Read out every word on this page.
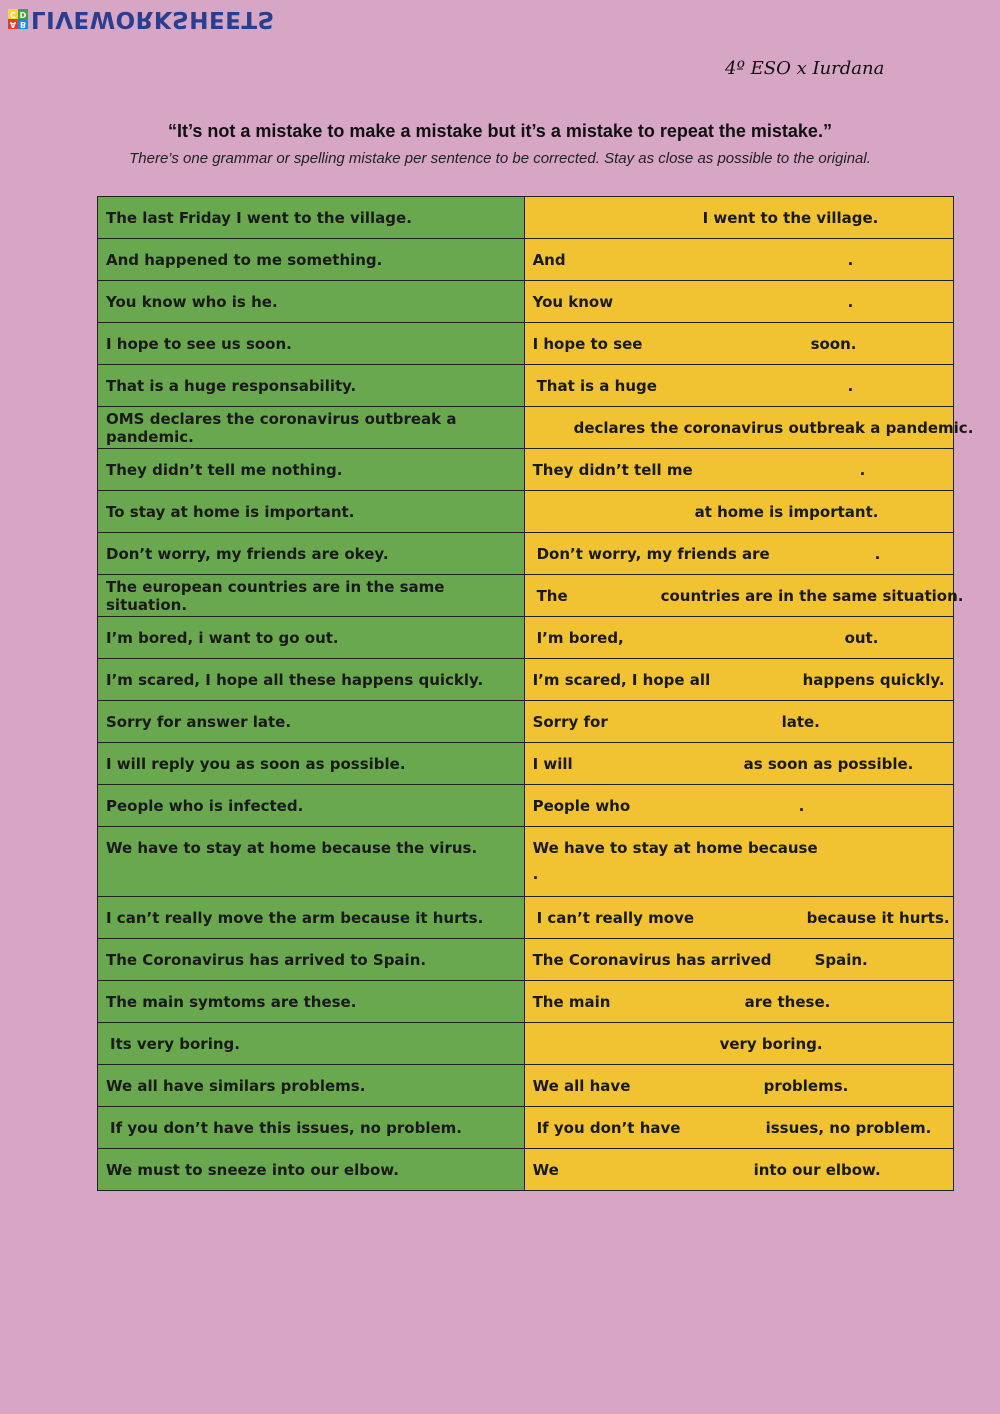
A B
C D LIVEWORKSHEETS
4º ESO x Iurdana
“It’s not a mistake to make a mistake but it’s a mistake to repeat the mistake.”
There’s one grammar or spelling mistake per sentence to be corrected. Stay as close as possible to the original.
The last Friday I went to the village.	I went to the village.

And happened to me something.	And .

You know who is he.	You know .

I hope to see us soon.	I hope to see soon.

That is a huge responsability.	That is a huge .

OMS declares the coronavirus outbreak a pandemic.	declares the coronavirus outbreak a pandemic.

They didn’t tell me nothing.	They didn’t tell me .

To stay at home is important.	at home is important.

Don’t worry, my friends are okey.	Don’t worry, my friends are .

The european countries are in the same situation.	The countries are in the same situation.

I’m bored, i want to go out.	I’m bored, out.

I’m scared, I hope all these happens quickly.	I’m scared, I hope all happens quickly.

Sorry for answer late.	Sorry for late.

I will reply you as soon as possible.	I will as soon as possible.

People who is infected.	People who .

We have to stay at home because the virus.	We have to stay at home because
.

I can’t really move the arm because it hurts.	I can’t really move because it hurts.

The Coronavirus has arrived to Spain.	The Coronavirus has arrived Spain.

The main symtoms are these.	The main are these.

Its very boring.	very boring.

We all have similars problems.	We all have problems.

If you don’t have this issues, no problem.	If you don’t have issues, no problem.

We must to sneeze into our elbow.	We into our elbow.
